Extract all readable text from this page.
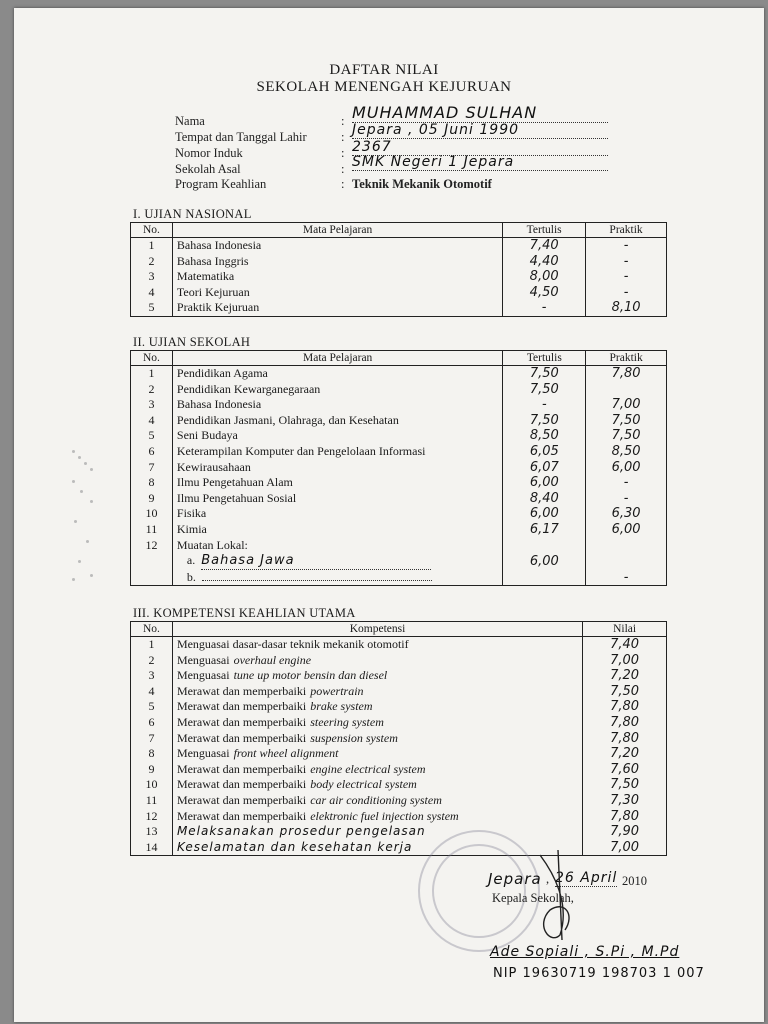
DAFTAR NILAI
SEKOLAH MENENGAH KEJURUAN
Nama	: MUHAMMAD SULHAN
Tempat dan Tanggal Lahir	: Jepara , 05 Juni 1990
Nomor Induk	: 2367
Sekolah Asal	: SMK Negeri 1 Jepara
Program Keahlian	: Teknik Mekanik Otomotif
I. UJIAN NASIONAL
No.	Mata Pelajaran	Tertulis	Praktik
1	Bahasa Indonesia	7,40	-
2	Bahasa Inggris	4,40	-
3	Matematika	8,00	-
4	Teori Kejuruan	4,50	-
5	Praktik Kejuruan	-	8,10
II. UJIAN SEKOLAH
No.	Mata Pelajaran	Tertulis	Praktik
1	Pendidikan Agama	7,50	7,80
2	Pendidikan Kewarganegaraan	7,50	
3	Bahasa Indonesia	-	7,00
4	Pendidikan Jasmani, Olahraga, dan Kesehatan	7,50	7,50
5	Seni Budaya	8,50	7,50
6	Keterampilan Komputer dan Pengelolaan Informasi	6,05	8,50
7	Kewirausahaan	6,07	6,00
8	Ilmu Pengetahuan Alam	6,00	-
9	Ilmu Pengetahuan Sosial	8,40	-
10	Fisika	6,00	6,30
11	Kimia	6,17	6,00
12	Muatan Lokal:		
	a. Bahasa Jawa	6,00	
	b.		-
III. KOMPETENSI KEAHLIAN UTAMA
No.	Kompetensi	Nilai
1	Menguasai dasar-dasar teknik mekanik otomotif	7,40
2	Menguasai overhaul engine	7,00
3	Menguasai tune up motor bensin dan diesel	7,20
4	Merawat dan memperbaiki powertrain	7,50
5	Merawat dan memperbaiki brake system	7,80
6	Merawat dan memperbaiki steering system	7,80
7	Merawat dan memperbaiki suspension system	7,80
8	Menguasai front wheel alignment	7,20
9	Merawat dan memperbaiki engine electrical system	7,60
10	Merawat dan memperbaiki body electrical system	7,50
11	Merawat dan memperbaiki car air conditioning system	7,30
12	Merawat dan memperbaiki elektronic fuel injection system	7,80
13	Melaksanakan prosedur pengelasan	7,90
14	Keselamatan dan kesehatan kerja	7,00
Jepara , 26 April 2010
Kepala Sekolah,
Ade Sopiali , S.Pi , M.Pd
NIP 19630719 198703 1 007
